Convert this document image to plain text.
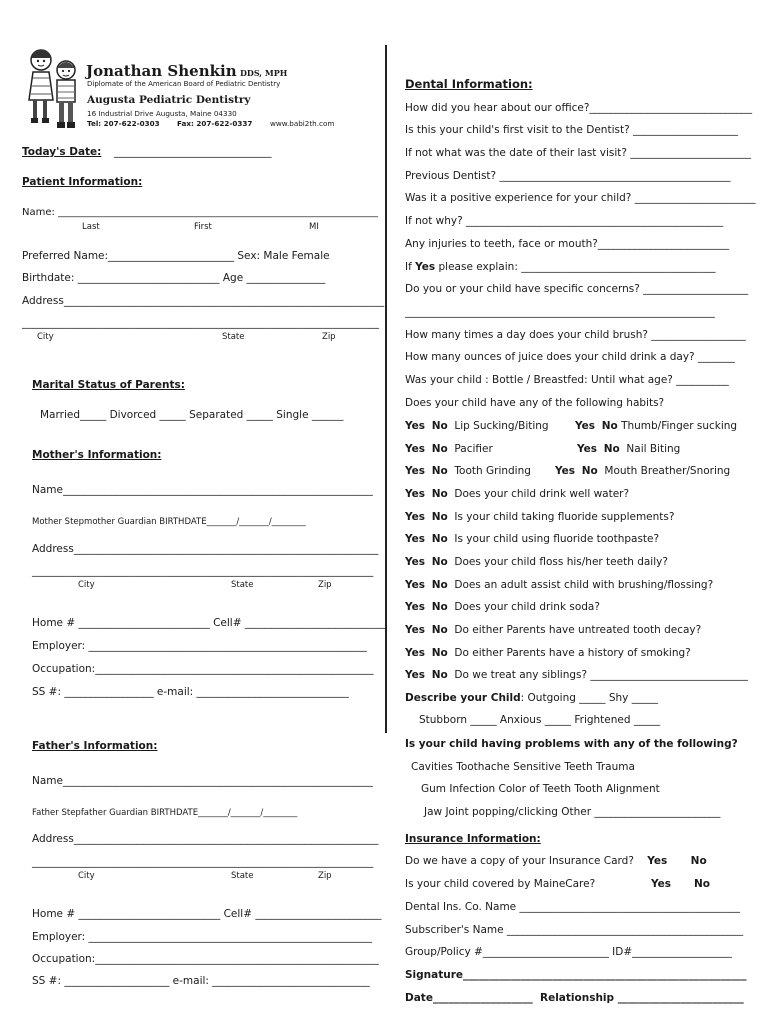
Jonathan Shenkin DDS, MPH
Diplomate of the American Board of Pediatric Dentistry
Augusta Pediatric Dentistry
16 Industrial Drive Augusta, Maine 04330
Tel: 207-622-0303 Fax: 207-622-0337 www.babi2th.com
Today's Date: ______________________________
Patient Information:
Name: ________________________________________________________________
Last	First	MI
Preferred Name:________________________ Sex: Male Female
Birthdate: ___________________________ Age _______________
Address_____________________________________________________________
____________________________________________________________________
City	State	Zip
Marital Status of Parents:
Married_____ Divorced _____ Separated _____ Single ______
Mother's Information:
Name___________________________________________________________
Mother Stepmother Guardian BIRTHDATE_______/_______/________
Address__________________________________________________________
_________________________________________________________________
City	State	Zip
Home # _________________________ Cell# ___________________________
Employer: _____________________________________________________
Occupation:_____________________________________________________
SS #: _________________ e-mail: _____________________________
Father's Information:
Name___________________________________________________________
Father Stepfather Guardian BIRTHDATE_______/_______/________
Address__________________________________________________________
_________________________________________________________________
City	State	Zip
Home # ___________________________ Cell# ________________________
Employer: ______________________________________________________
Occupation:______________________________________________________
SS #: ____________________ e-mail: ______________________________
Dental Information:
How did you hear about our office?_______________________________
Is this your child's first visit to the Dentist? ____________________
If not what was the date of their last visit? _______________________
Previous Dentist? ____________________________________________
Was it a positive experience for your child? _______________________
If not why? _________________________________________________
Any injuries to teeth, face or mouth?_________________________
If Yes please explain: _____________________________________
Do you or your child have specific concerns? ____________________
___________________________________________________________
How many times a day does your child brush? __________________
How many ounces of juice does your child drink a day? _______
Was your child : Bottle / Breastfed: Until what age? __________
Does your child have any of the following habits?
Yes No Lip Sucking/Biting	Yes No Thumb/Finger sucking
Yes No Pacifier	Yes No Nail Biting
Yes No Tooth Grinding Yes No Mouth Breather/Snoring
Yes No Does your child drink well water?
Yes No Is your child taking fluoride supplements?
Yes No Is your child using fluoride toothpaste?
Yes No Does your child floss his/her teeth daily?
Yes No Does an adult assist child with brushing/flossing?
Yes No Does your child drink soda?
Yes No Do either Parents have untreated tooth decay?
Yes No Do either Parents have a history of smoking?
Yes No Do we treat any siblings? ______________________________
Describe your Child: Outgoing _____ Shy _____
Stubborn _____ Anxious _____ Frightened _____
Is your child having problems with any of the following?
Cavities Toothache Sensitive Teeth Trauma
Gum Infection Color of Teeth Tooth Alignment
Jaw Joint popping/clicking Other ________________________
Insurance Information:
Do we have a copy of your Insurance Card? Yes No
Is your child covered by MaineCare?	Yes No
Dental Ins. Co. Name __________________________________________
Subscriber's Name _____________________________________________
Group/Policy #________________________ ID#___________________
Signature______________________________________________________
Date___________________ Relationship ________________________
